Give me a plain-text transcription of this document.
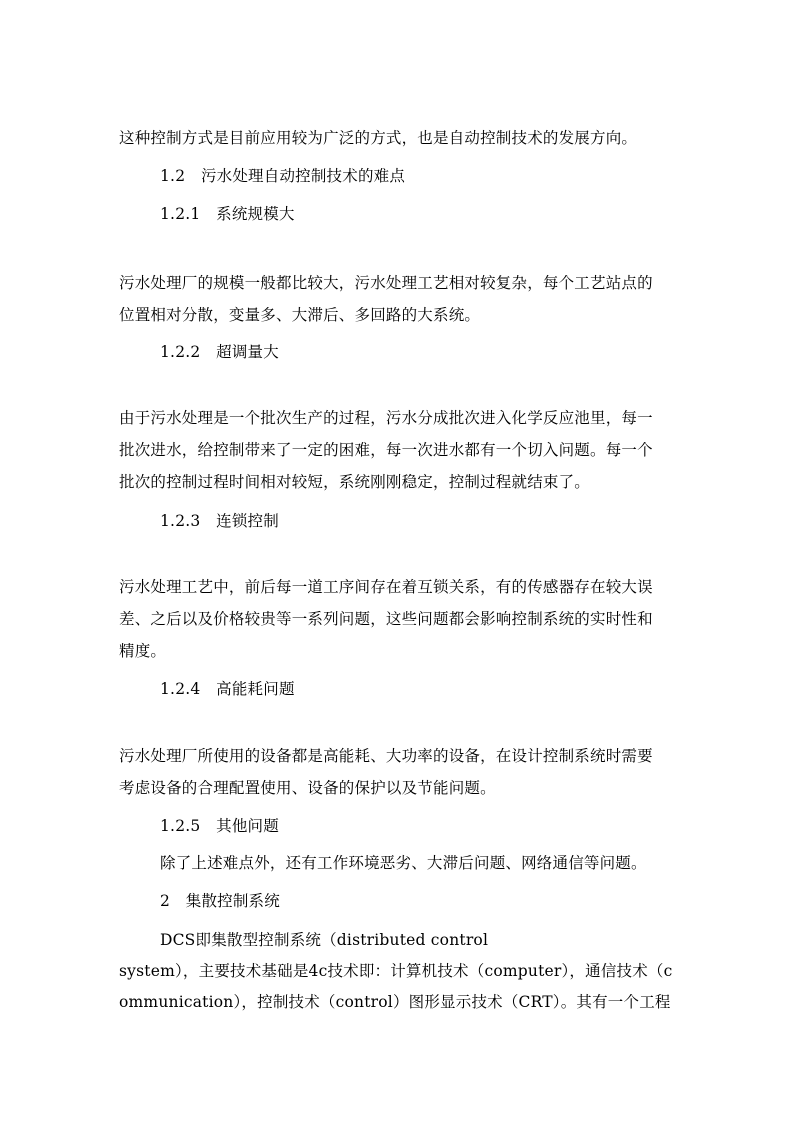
这种控制方式是目前应用较为广泛的方式，也是自动控制技术的发展方向。
1.2　污水处理自动控制技术的难点
1.2.1　系统规模大
污水处理厂的规模一般都比较大，污水处理工艺相对较复杂，每个工艺站点的
位置相对分散，变量多、大滞后、多回路的大系统。
1.2.2　超调量大
由于污水处理是一个批次生产的过程，污水分成批次进入化学反应池里，每一
批次进水，给控制带来了一定的困难，每一次进水都有一个切入问题。每一个
批次的控制过程时间相对较短，系统刚刚稳定，控制过程就结束了。
1.2.3　连锁控制
污水处理工艺中，前后每一道工序间存在着互锁关系，有的传感器存在较大误
差、之后以及价格较贵等一系列问题，这些问题都会影响控制系统的实时性和
精度。
1.2.4　高能耗问题
污水处理厂所使用的设备都是高能耗、大功率的设备，在设计控制系统时需要
考虑设备的合理配置使用、设备的保护以及节能问题。
1.2.5　其他问题
除了上述难点外，还有工作环境恶劣、大滞后问题、网络通信等问题。
2　集散控制系统
DCS即集散型控制系统（distributed control
system），主要技术基础是4c技术即：计算机技术（computer），通信技术（c
ommunication），控制技术（control）图形显示技术（CRT）。其有一个工程
